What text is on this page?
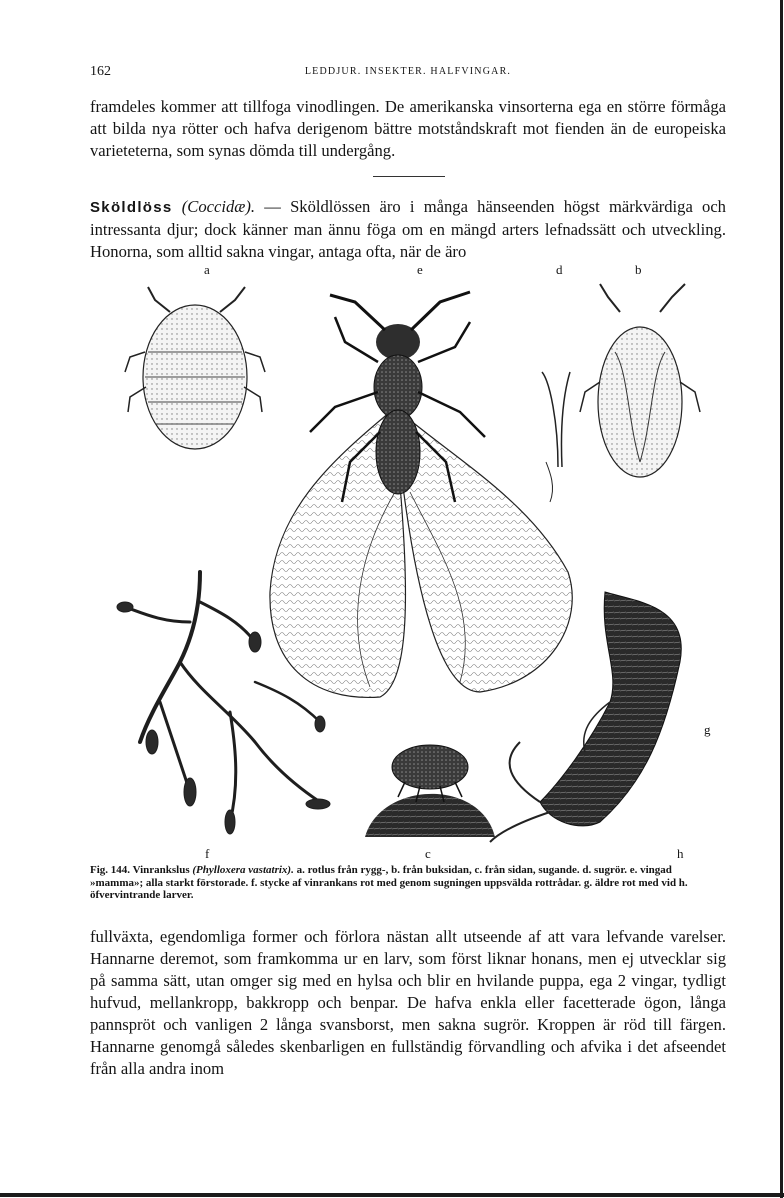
162	LEDDJUR. INSEKTER. HALFVINGAR.

framdeles kommer att tillfoga vinodlingen. De amerikanska vinsorterna ega en större förmåga att bilda nya rötter och hafva derigenom bättre motståndskraft mot fienden än de europeiska varieteterna, som synas dömda till undergång.

Sköldlöss (Coccidæ). — Sköldlössen äro i många hänseenden högst märkvärdiga och intressanta djur; dock känner man ännu föga om en mängd arters lefnadssätt och utveckling. Honorna, som alltid sakna vingar, antaga ofta, när de äro

a	e	d	b
g
f	c	h

Fig. 144. Vinrankslus (Phylloxera vastatrix). a. rotlus från rygg-, b. från buksidan, c. från sidan, sugande. d. sugrör. e. vingad »mamma»; alla starkt förstorade. f. stycke af vinrankans rot med genom sugningen uppsvälda rottrådar. g. äldre rot med vid h. öfvervintrande larver.

fullväxta, egendomliga former och förlora nästan allt utseende af att vara lefvande varelser. Hannarne deremot, som framkomma ur en larv, som först liknar honans, men ej utvecklar sig på samma sätt, utan omger sig med en hylsa och blir en hvilande puppa, ega 2 vingar, tydligt hufvud, mellankropp, bakkropp och benpar. De hafva enkla eller facetterade ögon, långa pannspröt och vanligen 2 långa svansborst, men sakna sugrör. Kroppen är röd till färgen. Hannarne genomgå således skenbarligen en fullständig förvandling och afvika i det afseendet från alla andra inom
